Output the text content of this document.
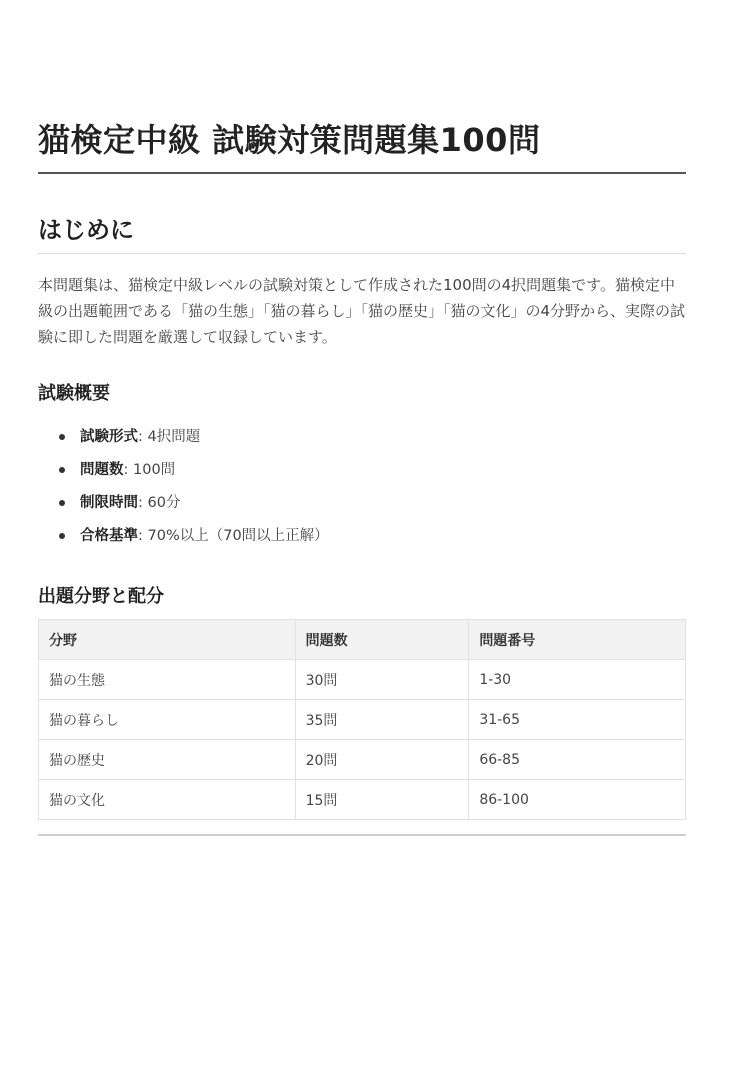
猫検定中級 試験対策問題集100問
はじめに

本問題集は、猫検定中級レベルの試験対策として作成された100問の4択問題集です。猫検定中級の出題範囲である「猫の生態」「猫の暮らし」「猫の歴史」「猫の文化」の4分野から、実際の試験に即した問題を厳選して収録しています。

試験概要
試験形式: 4択問題
問題数: 100問
制限時間: 60分
合格基準: 70%以上（70問以上正解）
出題分野と配分
分野	問題数	問題番号
猫の生態	30問	1-30
猫の暮らし	35問	31-65
猫の歴史	20問	66-85
猫の文化	15問	86-100
